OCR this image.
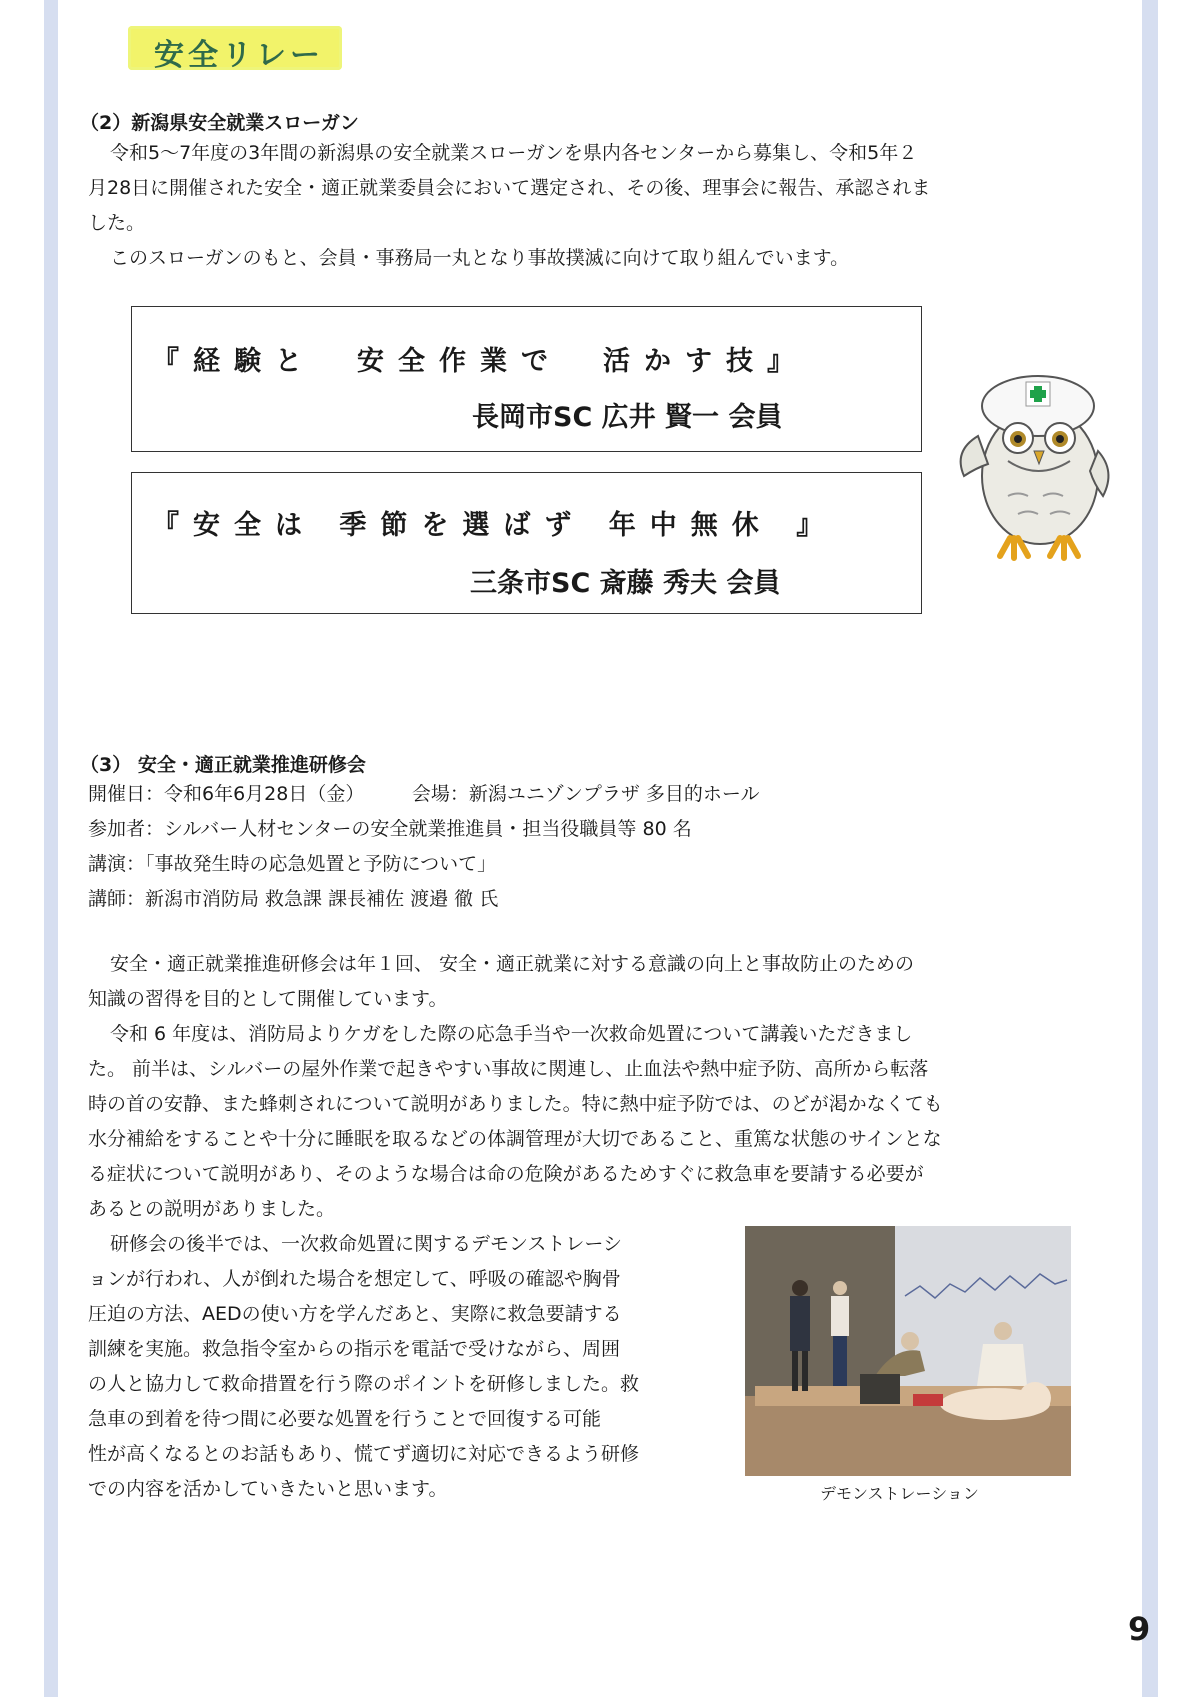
安全リレー
（2）新潟県安全就業スローガン
令和5～7年度の3年間の新潟県の安全就業スローガンを県内各センターから募集し、令和5年２
月28日に開催された安全・適正就業委員会において選定され、その後、理事会に報告、承認されま
した。
このスローガンのもと、会員・事務局一丸となり事故撲滅に向けて取り組んでいます。
『経験と　安全作業で　活かす技』
長岡市SC 広井 賢一 会員
『安全は 季節を選ばず 年中無休 』
三条市SC 斎藤 秀夫 会員
（3） 安全・適正就業推進研修会
開催日：令和6年6月28日（金）　　　会場：新潟ユニゾンプラザ 多目的ホール
参加者：シルバー人材センターの安全就業推進員・担当役職員等 80 名
講演：「事故発生時の応急処置と予防について」
講師：新潟市消防局 救急課 課長補佐 渡邉 徹 氏
安全・適正就業推進研修会は年１回、 安全・適正就業に対する意識の向上と事故防止のための
知識の習得を目的として開催しています。
令和 6 年度は、消防局よりケガをした際の応急手当や一次救命処置について講義いただきまし
た。 前半は、シルバーの屋外作業で起きやすい事故に関連し、止血法や熱中症予防、高所から転落
時の首の安静、また蜂刺されについて説明がありました。特に熱中症予防では、のどが渇かなくても
水分補給をすることや十分に睡眠を取るなどの体調管理が大切であること、重篤な状態のサインとな
る症状について説明があり、そのような場合は命の危険があるためすぐに救急車を要請する必要が
あるとの説明がありました。
研修会の後半では、一次救命処置に関するデモンストレーシ
ョンが行われ、人が倒れた場合を想定して、呼吸の確認や胸骨
圧迫の方法、AEDの使い方を学んだあと、実際に救急要請する
訓練を実施。救急指令室からの指示を電話で受けながら、周囲
の人と協力して救命措置を行う際のポイントを研修しました。救
急車の到着を待つ間に必要な処置を行うことで回復する可能
性が高くなるとのお話もあり、慌てず適切に対応できるよう研修
での内容を活かしていきたいと思います。	デモンストレーション
9
